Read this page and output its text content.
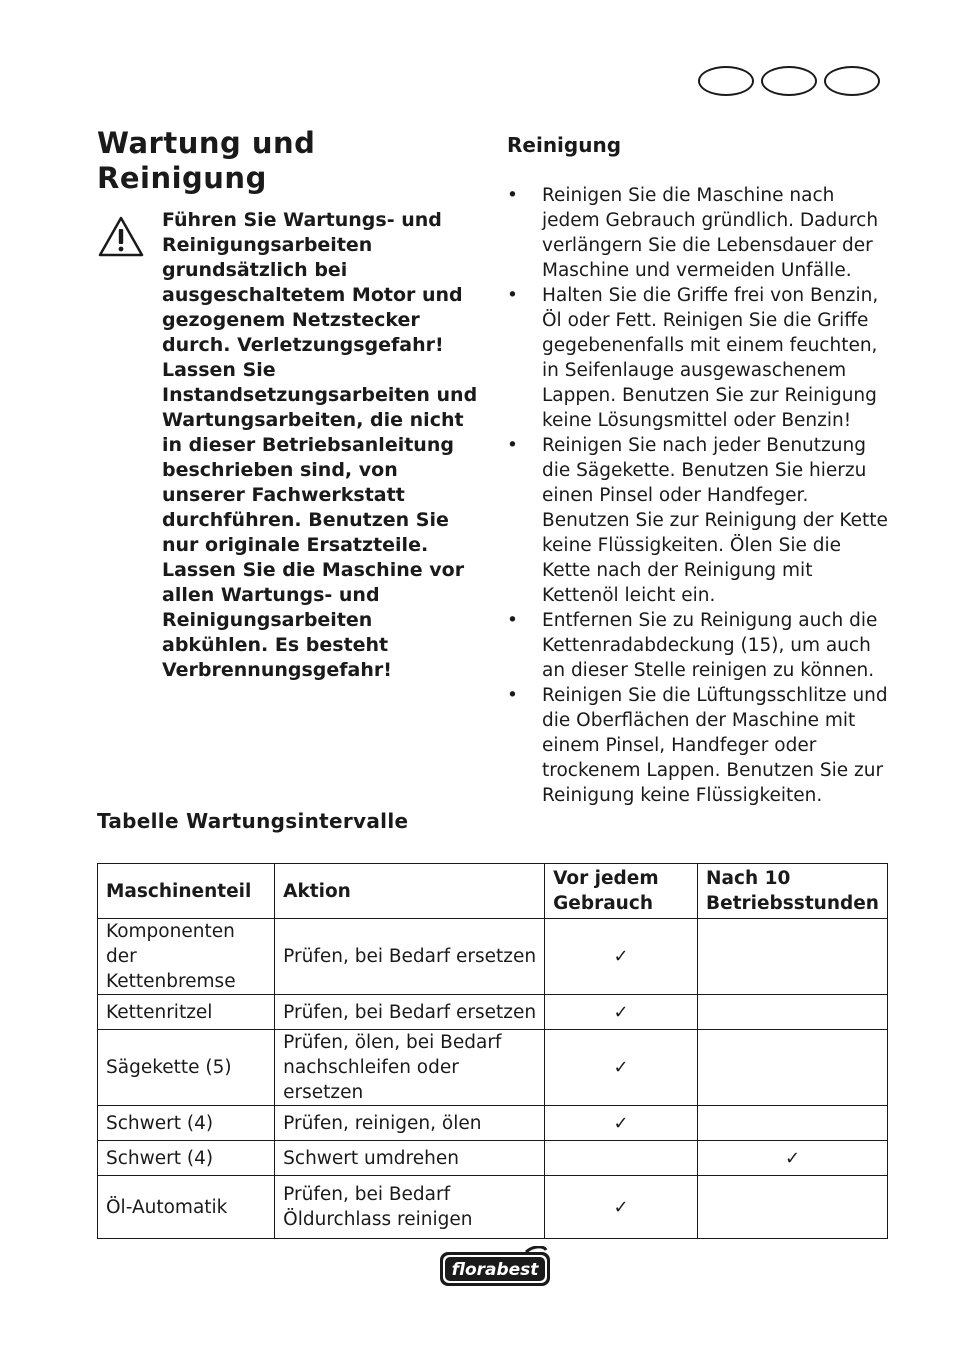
Wartung und Reinigung
Führen Sie Wartungs- und Reinigungsarbeiten grundsätzlich bei ausgeschaltetem Motor und gezogenem Netzstecker durch. Verletzungsgefahr! Lassen Sie Instandsetzungsarbeiten und Wartungsarbeiten, die nicht in dieser Betriebsanleitung beschrieben sind, von unserer Fachwerkstatt durchführen. Benutzen Sie nur originale Ersatzteile. Lassen Sie die Maschine vor allen Wartungs- und Reinigungsarbeiten abkühlen. Es besteht Verbrennungsgefahr!
Reinigung
• Reinigen Sie die Maschine nach jedem Gebrauch gründlich. Dadurch verlängern Sie die Lebensdauer der Maschine und vermeiden Unfälle.
• Halten Sie die Griffe frei von Benzin, Öl oder Fett. Reinigen Sie die Griffe gegebenenfalls mit einem feuchten, in Seifenlauge ausgewaschenem Lappen. Benutzen Sie zur Reinigung keine Lösungsmittel oder Benzin!
• Reinigen Sie nach jeder Benutzung die Sägekette. Benutzen Sie hierzu einen Pinsel oder Handfeger. Benutzen Sie zur Reinigung der Kette keine Flüssigkeiten. Ölen Sie die Kette nach der Reinigung mit Kettenöl leicht ein.
• Entfernen Sie zu Reinigung auch die Kettenradabdeckung (15), um auch an dieser Stelle reinigen zu können.
• Reinigen Sie die Lüftungsschlitze und die Oberflächen der Maschine mit einem Pinsel, Handfeger oder trockenem Lappen. Benutzen Sie zur Reinigung keine Flüssigkeiten.
Tabelle Wartungsintervalle
Maschinenteil	Aktion	Vor jedem Gebrauch	Nach 10 Betriebsstunden
Komponenten der Kettenbremse	Prüfen, bei Bedarf ersetzen	✓	
Kettenritzel	Prüfen, bei Bedarf ersetzen	✓	
Sägekette (5)	Prüfen, ölen, bei Bedarf nachschleifen oder ersetzen	✓	
Schwert (4)	Prüfen, reinigen, ölen	✓	
Schwert (4)	Schwert umdrehen		✓
Öl-Automatik	Prüfen, bei Bedarf Öldurchlass reinigen	✓	
florabest
